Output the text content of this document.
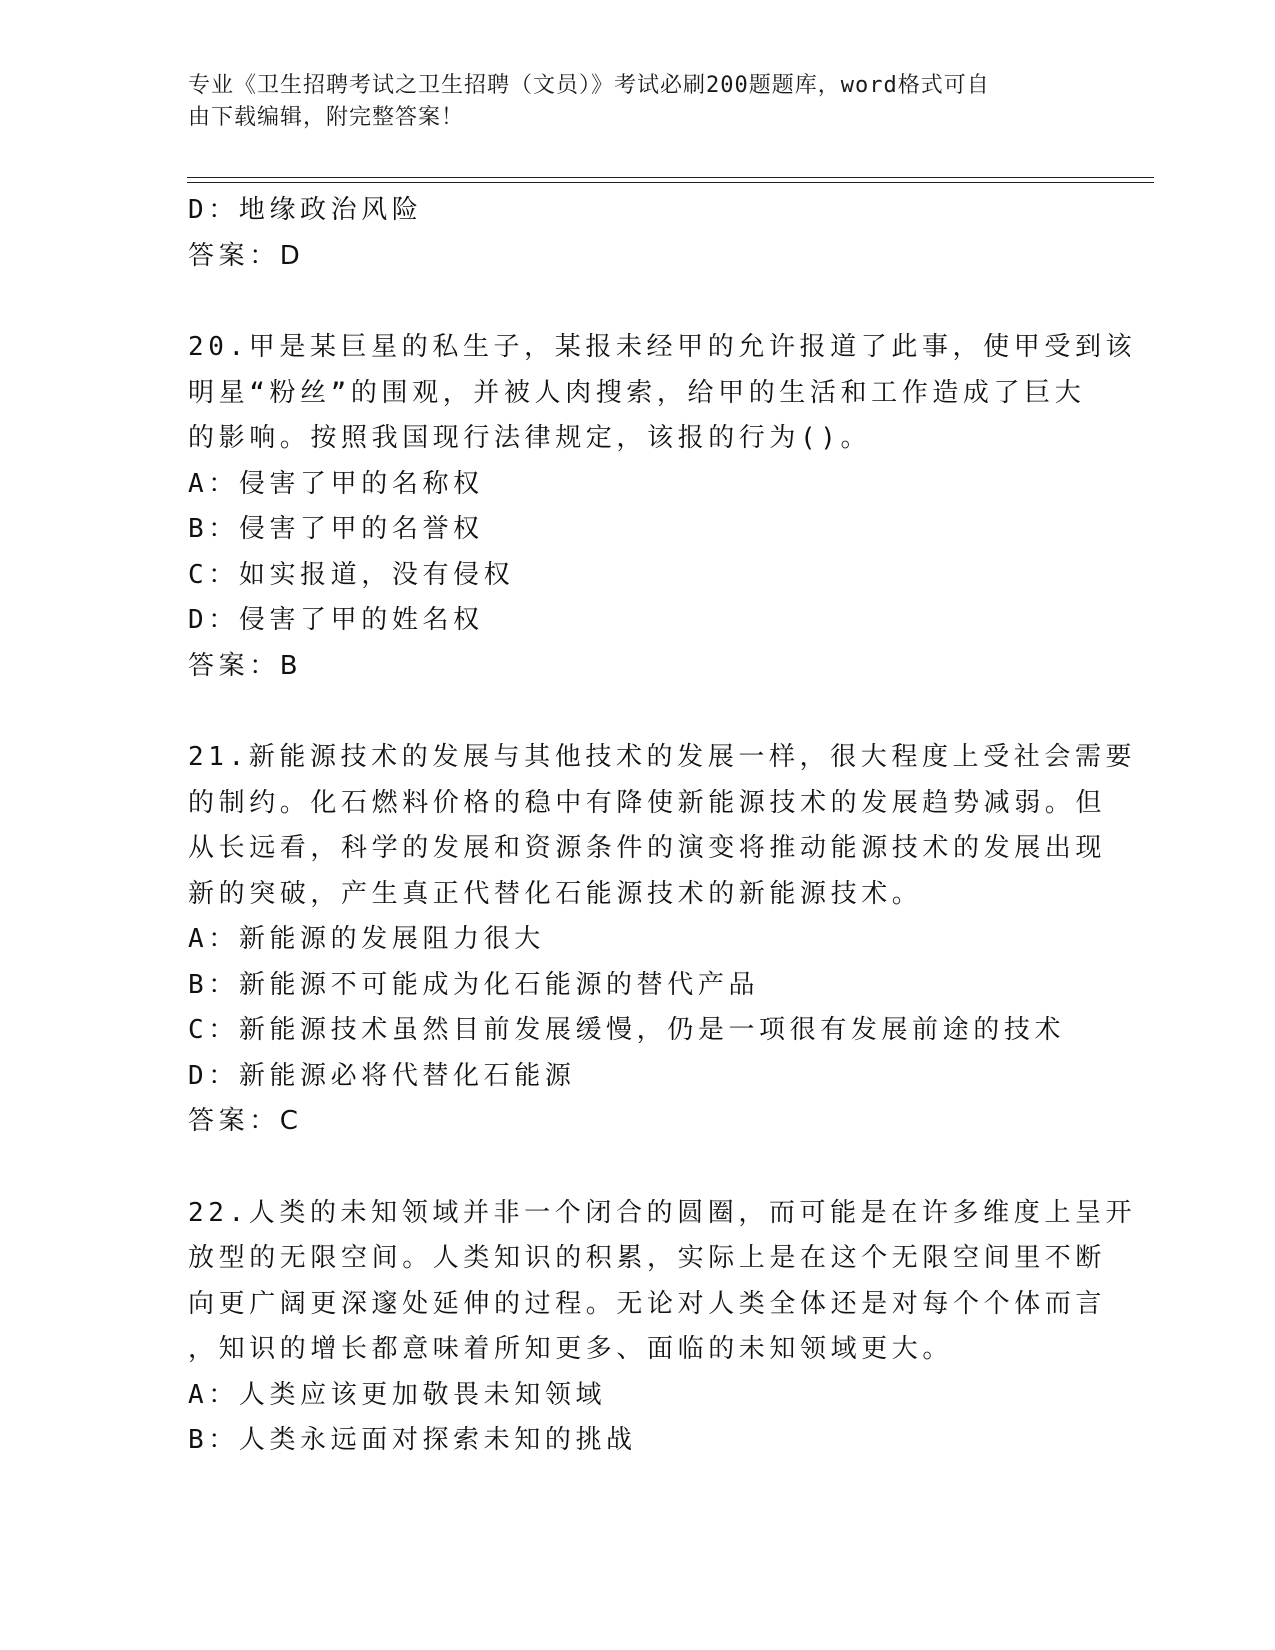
专业《卫生招聘考试之卫生招聘（文员）》考试必刷200题题库，word格式可自
由下载编辑，附完整答案！
D：地缘政治风险
答案：D
20.甲是某巨星的私生子，某报未经甲的允许报道了此事，使甲受到该
明星“粉丝”的围观，并被人肉搜索，给甲的生活和工作造成了巨大
的影响。按照我国现行法律规定，该报的行为()。
A：侵害了甲的名称权
B：侵害了甲的名誉权
C：如实报道，没有侵权
D：侵害了甲的姓名权
答案：B
21.新能源技术的发展与其他技术的发展一样，很大程度上受社会需要
的制约。化石燃料价格的稳中有降使新能源技术的发展趋势减弱。但
从长远看，科学的发展和资源条件的演变将推动能源技术的发展出现
新的突破，产生真正代替化石能源技术的新能源技术。
A：新能源的发展阻力很大
B：新能源不可能成为化石能源的替代产品
C：新能源技术虽然目前发展缓慢，仍是一项很有发展前途的技术
D：新能源必将代替化石能源
答案：C
22.人类的未知领域并非一个闭合的圆圈，而可能是在许多维度上呈开
放型的无限空间。人类知识的积累，实际上是在这个无限空间里不断
向更广阔更深邃处延伸的过程。无论对人类全体还是对每个个体而言
，知识的增长都意味着所知更多、面临的未知领域更大。
A：人类应该更加敬畏未知领域
B：人类永远面对探索未知的挑战
